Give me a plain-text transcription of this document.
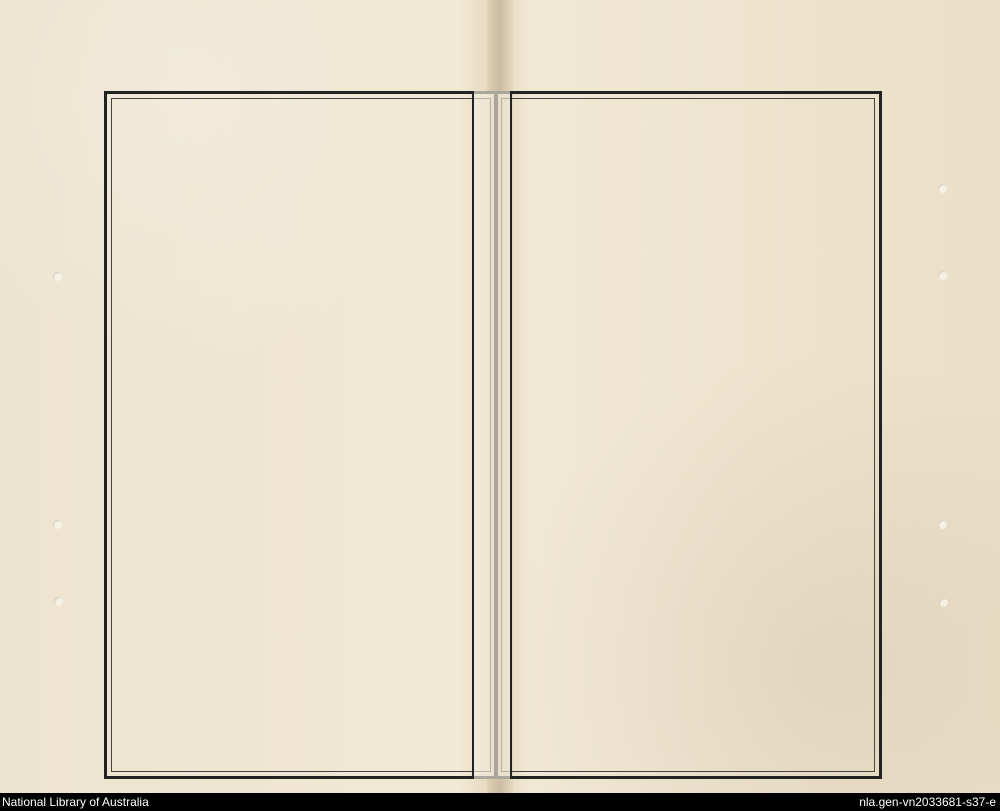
National Library of Australia	nla.gen-vn2033681-s37-e
